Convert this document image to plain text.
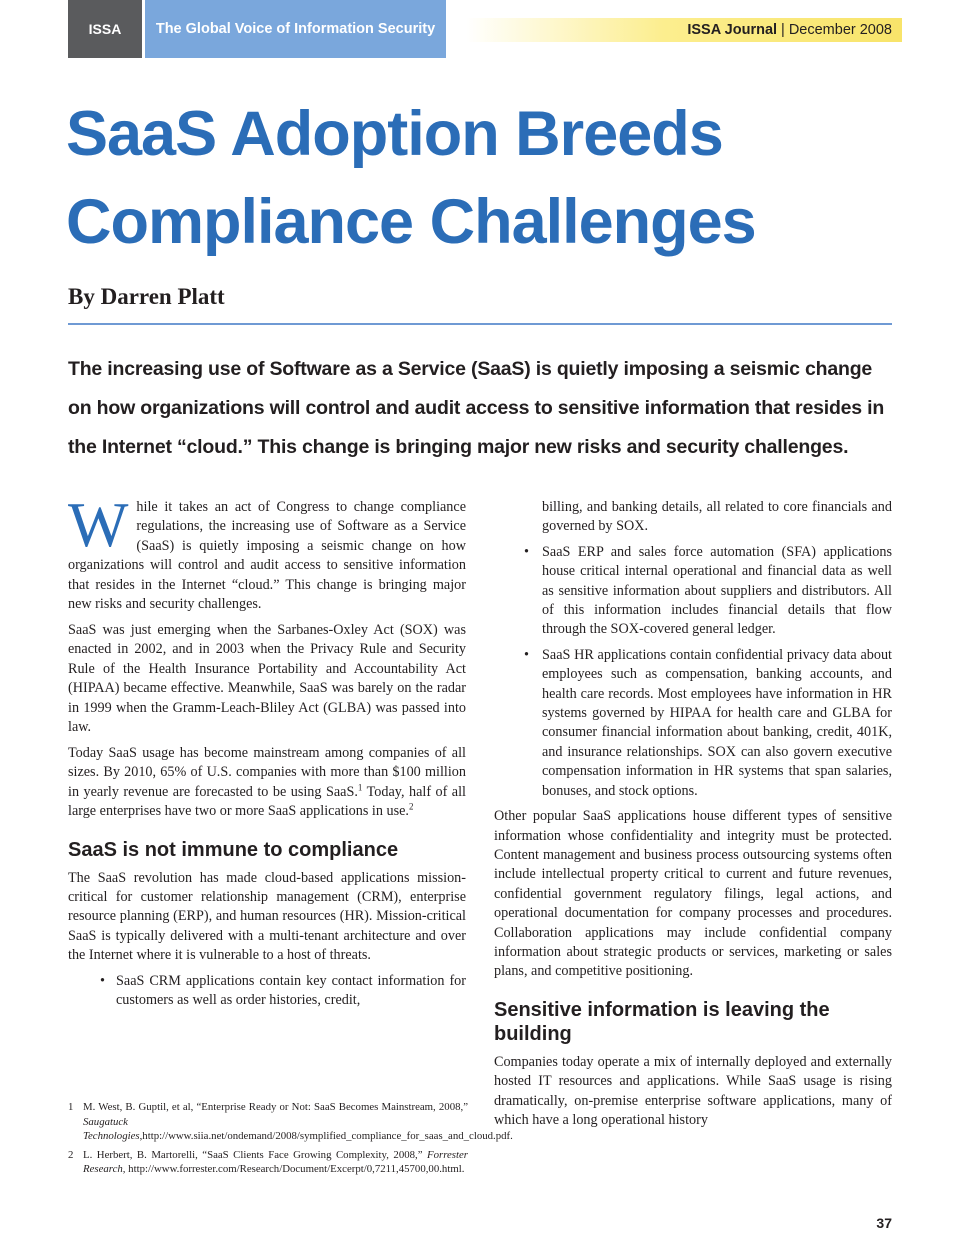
ISSA	The Global Voice of Information Security	ISSA Journal | December 2008
SaaS Adoption Breeds
Compliance Challenges
By Darren Platt
The increasing use of Software as a Service (SaaS) is quietly imposing a seismic change on how organizations will control and audit access to sensitive information that resides in the Internet “cloud.” This change is bringing major new risks and security challenges.

While it takes an act of Congress to change compliance regulations, the increasing use of Software as a Service (SaaS) is quietly imposing a seismic change on how organizations will control and audit access to sensitive information that resides in the Internet “cloud.” This change is bringing major new risks and security challenges.

SaaS was just emerging when the Sarbanes-Oxley Act (SOX) was enacted in 2002, and in 2003 when the Privacy Rule and Security Rule of the Health Insurance Portability and Accountability Act (HIPAA) became effective. Meanwhile, SaaS was barely on the radar in 1999 when the Gramm-Leach-Bliley Act (GLBA) was passed into law.

Today SaaS usage has become mainstream among companies of all sizes. By 2010, 65% of U.S. companies with more than $100 million in yearly revenue are forecasted to be using SaaS.$^1$ Today, half of all large enterprises have two or more SaaS applications in use.$^2$

SaaS is not immune to compliance

The SaaS revolution has made cloud-based applications mission-critical for customer relationship management (CRM), enterprise resource planning (ERP), and human resources (HR). Mission-critical SaaS is typically delivered with a multi-tenant architecture and over the Internet where it is vulnerable to a host of threats.

• SaaS CRM applications contain key contact information for customers as well as order histories, credit,
billing, and banking details, all related to core financials and governed by SOX.
• SaaS ERP and sales force automation (SFA) applications house critical internal operational and financial data as well as sensitive information about suppliers and distributors. All of this information includes financial details that flow through the SOX-covered general ledger.
• SaaS HR applications contain confidential privacy data about employees such as compensation, banking accounts, and health care records. Most employees have information in HR systems governed by HIPAA for health care and GLBA for consumer financial information about banking, credit, 401K, and insurance relationships. SOX can also govern executive compensation information in HR systems that span salaries, bonuses, and stock options.

Other popular SaaS applications house different types of sensitive information whose confidentiality and integrity must be protected. Content management and business process outsourcing systems often include intellectual property critical to current and future revenues, confidential government regulatory filings, legal actions, and operational documentation for company processes and procedures. Collaboration applications may include confidential company information about strategic products or services, marketing or sales plans, and competitive positioning.

Sensitive information is leaving the building

Companies today operate a mix of internally deployed and externally hosted IT resources and applications. While SaaS usage is rising dramatically, on-premise enterprise software applications, many of which have a long operational history

1 M. West, B. Guptil, et al, “Enterprise Ready or Not: SaaS Becomes Mainstream, 2008,” Saugatuck Technologies,http://www.siia.net/ondemand/2008/symplified_compliance_for_saas_and_cloud.pdf.
2 L. Herbert, B. Martorelli, “SaaS Clients Face Growing Complexity, 2008,” Forrester Research, http://www.forrester.com/Research/Document/Excerpt/0,7211,45700,00.html.
37
